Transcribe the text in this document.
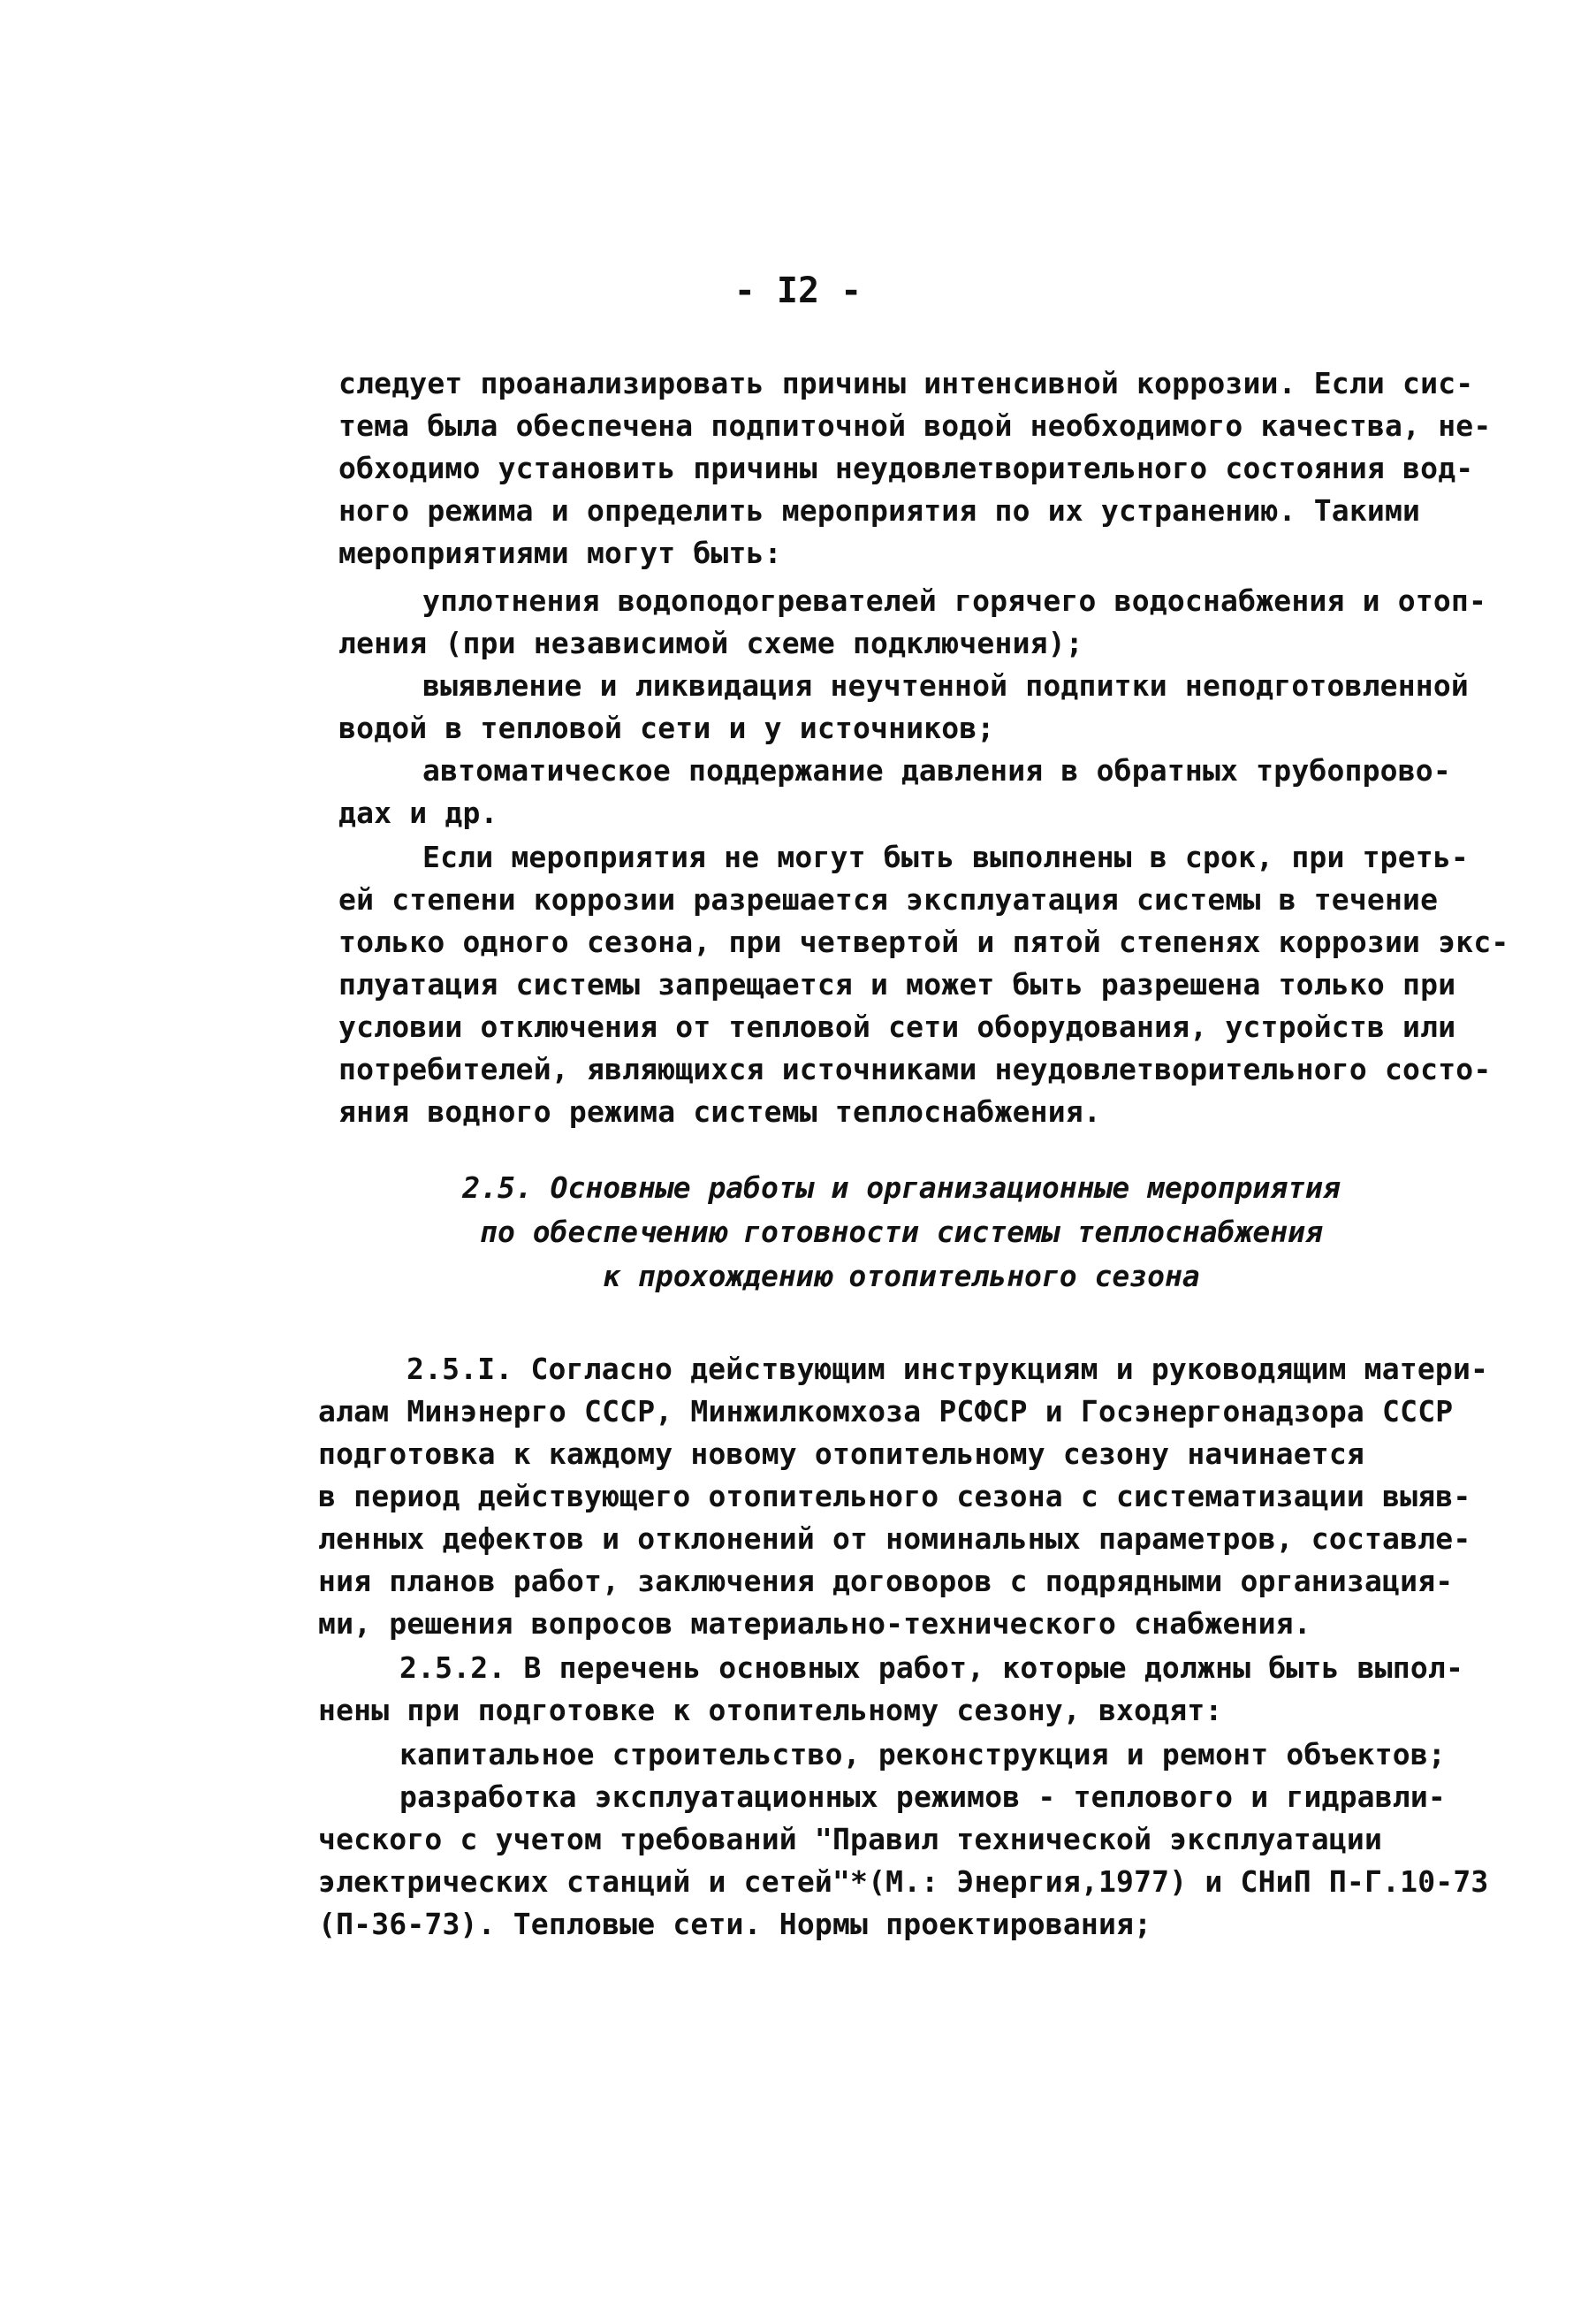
- I2 -
следует проанализировать причины интенсивной коррозии. Если сис-
тема была обеспечена подпиточной водой необходимого качества, не-
обходимо установить причины неудовлетворительного состояния вод-
ного режима и определить мероприятия по их устранению. Такими
мероприятиями могут быть:
уплотнения водоподогревателей горячего водоснабжения и отоп-
ления (при независимой схеме подключения);
выявление и ликвидация неучтенной подпитки неподготовленной
водой в тепловой сети и у источников;
автоматическое поддержание давления в обратных трубопрово-
дах и др.
Если мероприятия не могут быть выполнены в срок, при треть-
ей степени коррозии разрешается эксплуатация системы в течение
только одного сезона, при четвертой и пятой степенях коррозии экс-
плуатация системы запрещается и может быть разрешена только при
условии отключения от тепловой сети оборудования, устройств или
потребителей, являющихся источниками неудовлетворительного состо-
яния водного режима системы теплоснабжения.
2.5. Основные работы и организационные мероприятия
по обеспечению готовности системы теплоснабжения
к прохождению отопительного сезона
2.5.I. Согласно действующим инструкциям и руководящим матери-
алам Минэнерго СССР, Минжилкомхоза РСФСР и Госэнергонадзора СССР
подготовка к каждому новому отопительному сезону начинается
в период действующего отопительного сезона с систематизации выяв-
ленных дефектов и отклонений от номинальных параметров, составле-
ния планов работ, заключения договоров с подрядными организация-
ми, решения вопросов материально-технического снабжения.
2.5.2. В перечень основных работ, которые должны быть выпол-
нены при подготовке к отопительному сезону, входят:
капитальное строительство, реконструкция и ремонт объектов;
разработка эксплуатационных режимов - теплового и гидравли-
ческого с учетом требований "Правил технической эксплуатации
электрических станций и сетей"*(М.: Энергия,1977) и СНиП П-Г.10-73
(П-36-73). Тепловые сети. Нормы проектирования;
